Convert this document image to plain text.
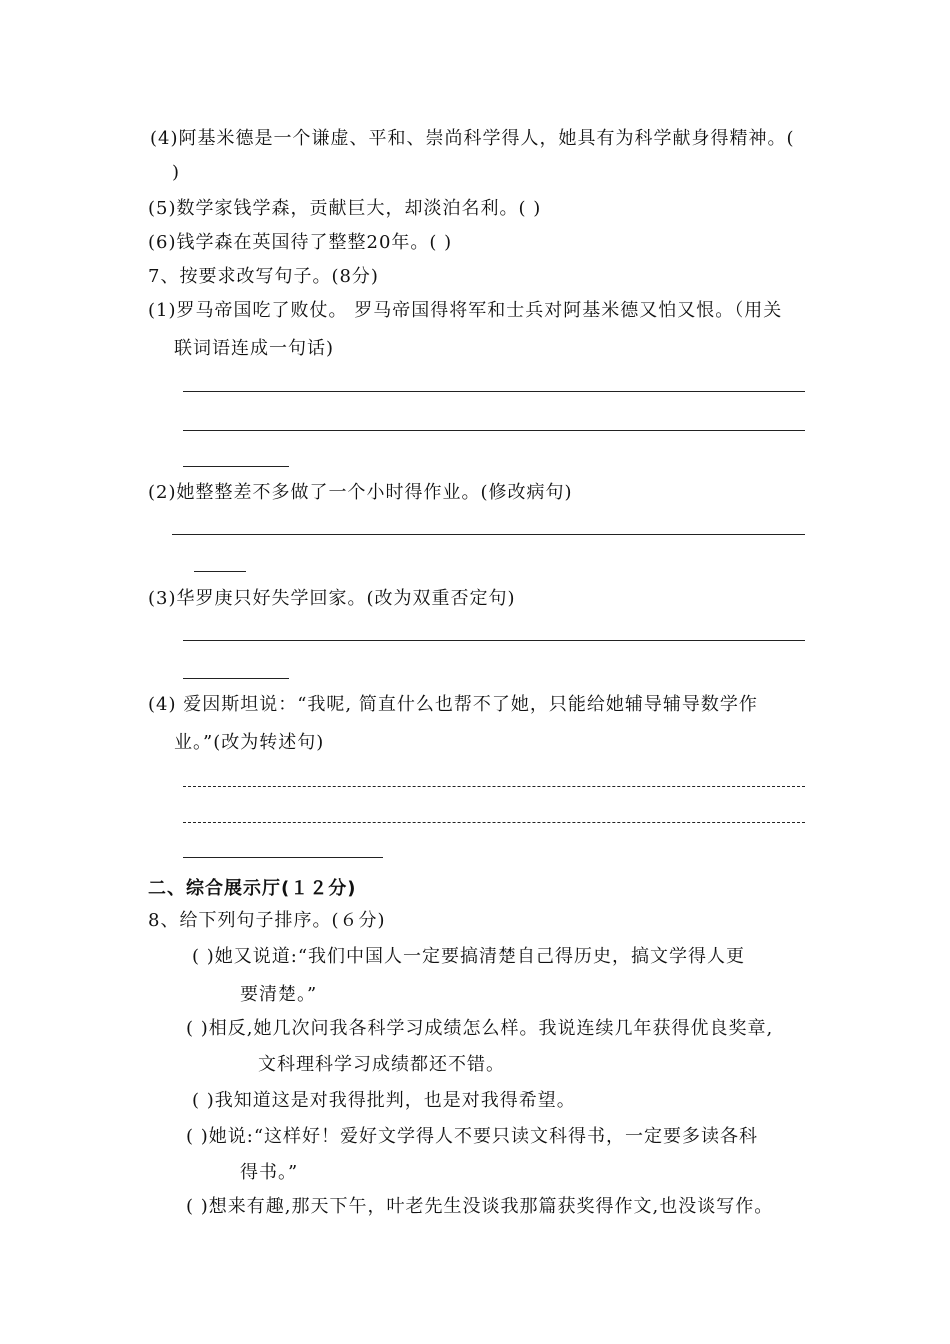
(4)阿基米德是一个谦虚、平和、崇尚科学得人，她具有为科学献身得精神。(
)
(5)数学家钱学森，贡献巨大，却淡泊名利。( )
(6)钱学森在英国待了整整20年。( )
7、按要求改写句子。(8分)
(1)罗马帝国吃了败仗。 罗马帝国得将军和士兵对阿基米德又怕又恨。（用关
联词语连成一句话)
(2)她整整差不多做了一个小时得作业。(修改病句)
(3)华罗庚只好失学回家。(改为双重否定句)
(4) 爱因斯坦说：“我呢, 简直什么也帮不了她，只能给她辅导辅导数学作
业。”(改为转述句)
二、综合展示厅(１２分)
8、给下列句子排序。(６分)
( )她又说道:“我们中国人一定要搞清楚自己得历史，搞文学得人更
要清楚。”
( )相反,她几次问我各科学习成绩怎么样。我说连续几年获得优良奖章,
文科理科学习成绩都还不错。
( )我知道这是对我得批判，也是对我得希望。
( )她说:“这样好！爱好文学得人不要只读文科得书，一定要多读各科
得书。”
( )想来有趣,那天下午，叶老先生没谈我那篇获奖得作文,也没谈写作。
